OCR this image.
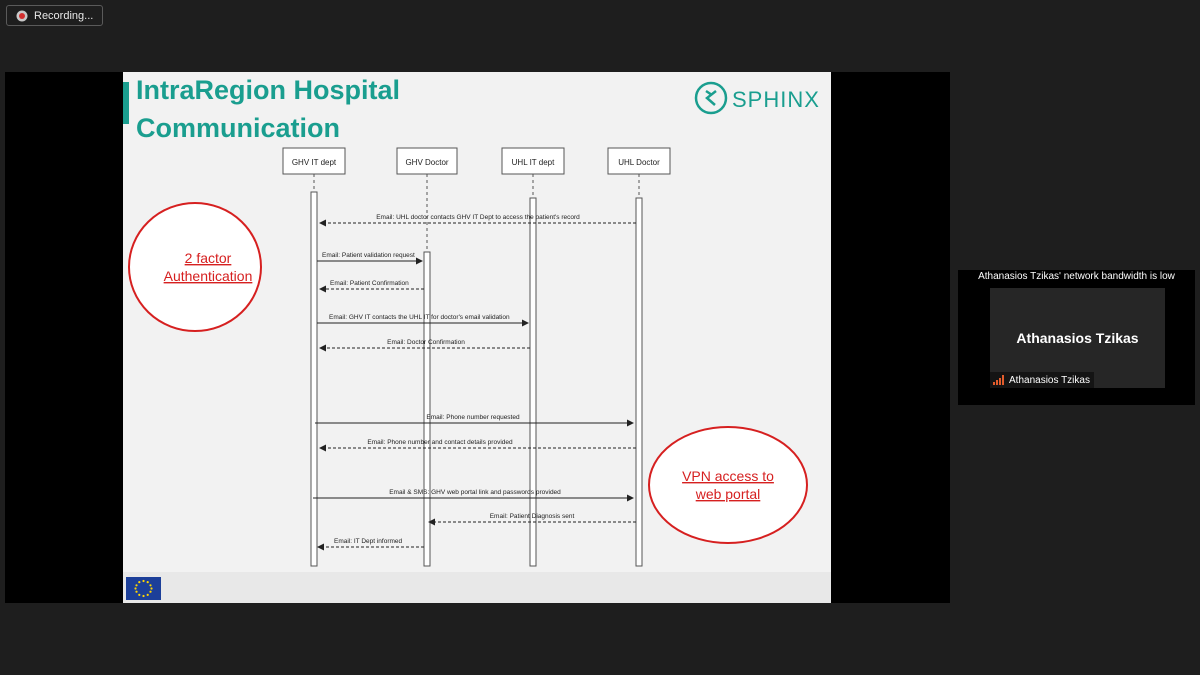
Recording...
IntraRegion Hospital
Communication
SPHINX
GHV IT dept	GHV Doctor	UHL IT dept	UHL Doctor
Email: UHL doctor contacts GHV IT Dept to access the patient's record
Email: Patient validation request
Email: Patient Confirmation
Email: GHV IT contacts the UHL IT for doctor's email validation
Email: Doctor Confirmation
Email: Phone number requested
Email: Phone number and contact details provided
Email & SMS: GHV web portal link and passwords provided
Email: Patient Diagnosis sent
Email: IT Dept informed
2 factor
Authentication
VPN access to
web portal
Athanasios Tzikas' network bandwidth is low
Athanasios Tzikas
Athanasios Tzikas
